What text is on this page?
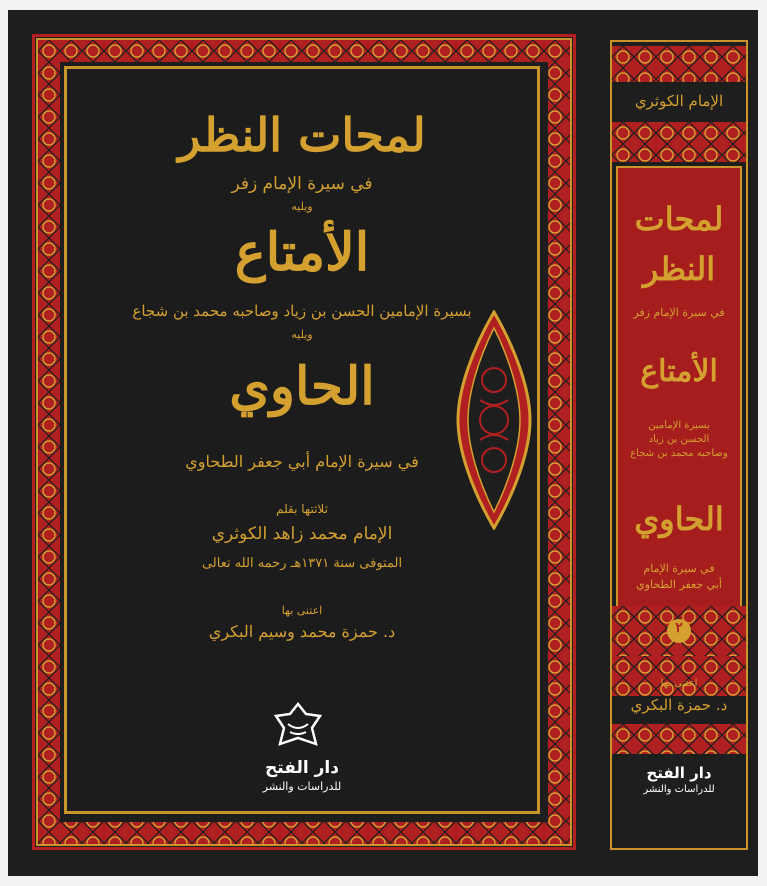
لمحات النظر
في سيرة الإمام زفر
ويليه
الأمتاع
بسيرة الإمامين الحسن بن زياد وصاحبه محمد بن شجاع
ويليه
الحاوي
في سيرة الإمام أبي جعفر الطحاوي
ثلاثتها بقلم
الإمام محمد زاهد الكوثري
المتوفى سنة ١٣٧١هـ رحمه الله تعالى
اعتنى بها
د. حمزة محمد وسيم البكري
دار الفتح
للدراسات والنشر
الإمام الكوثري
لمحات
النظر
في سيرة الإمام زفر
الأمتاع
بسيرة الإمامين
الحسن بن زياد
وصاحبه محمد بن شجاع
الحاوي
في سيرة الإمام
أبي جعفر الطحاوي
٢
اعتنى بها
د. حمزة البكري
دار الفتح
للدراسات والنشر
